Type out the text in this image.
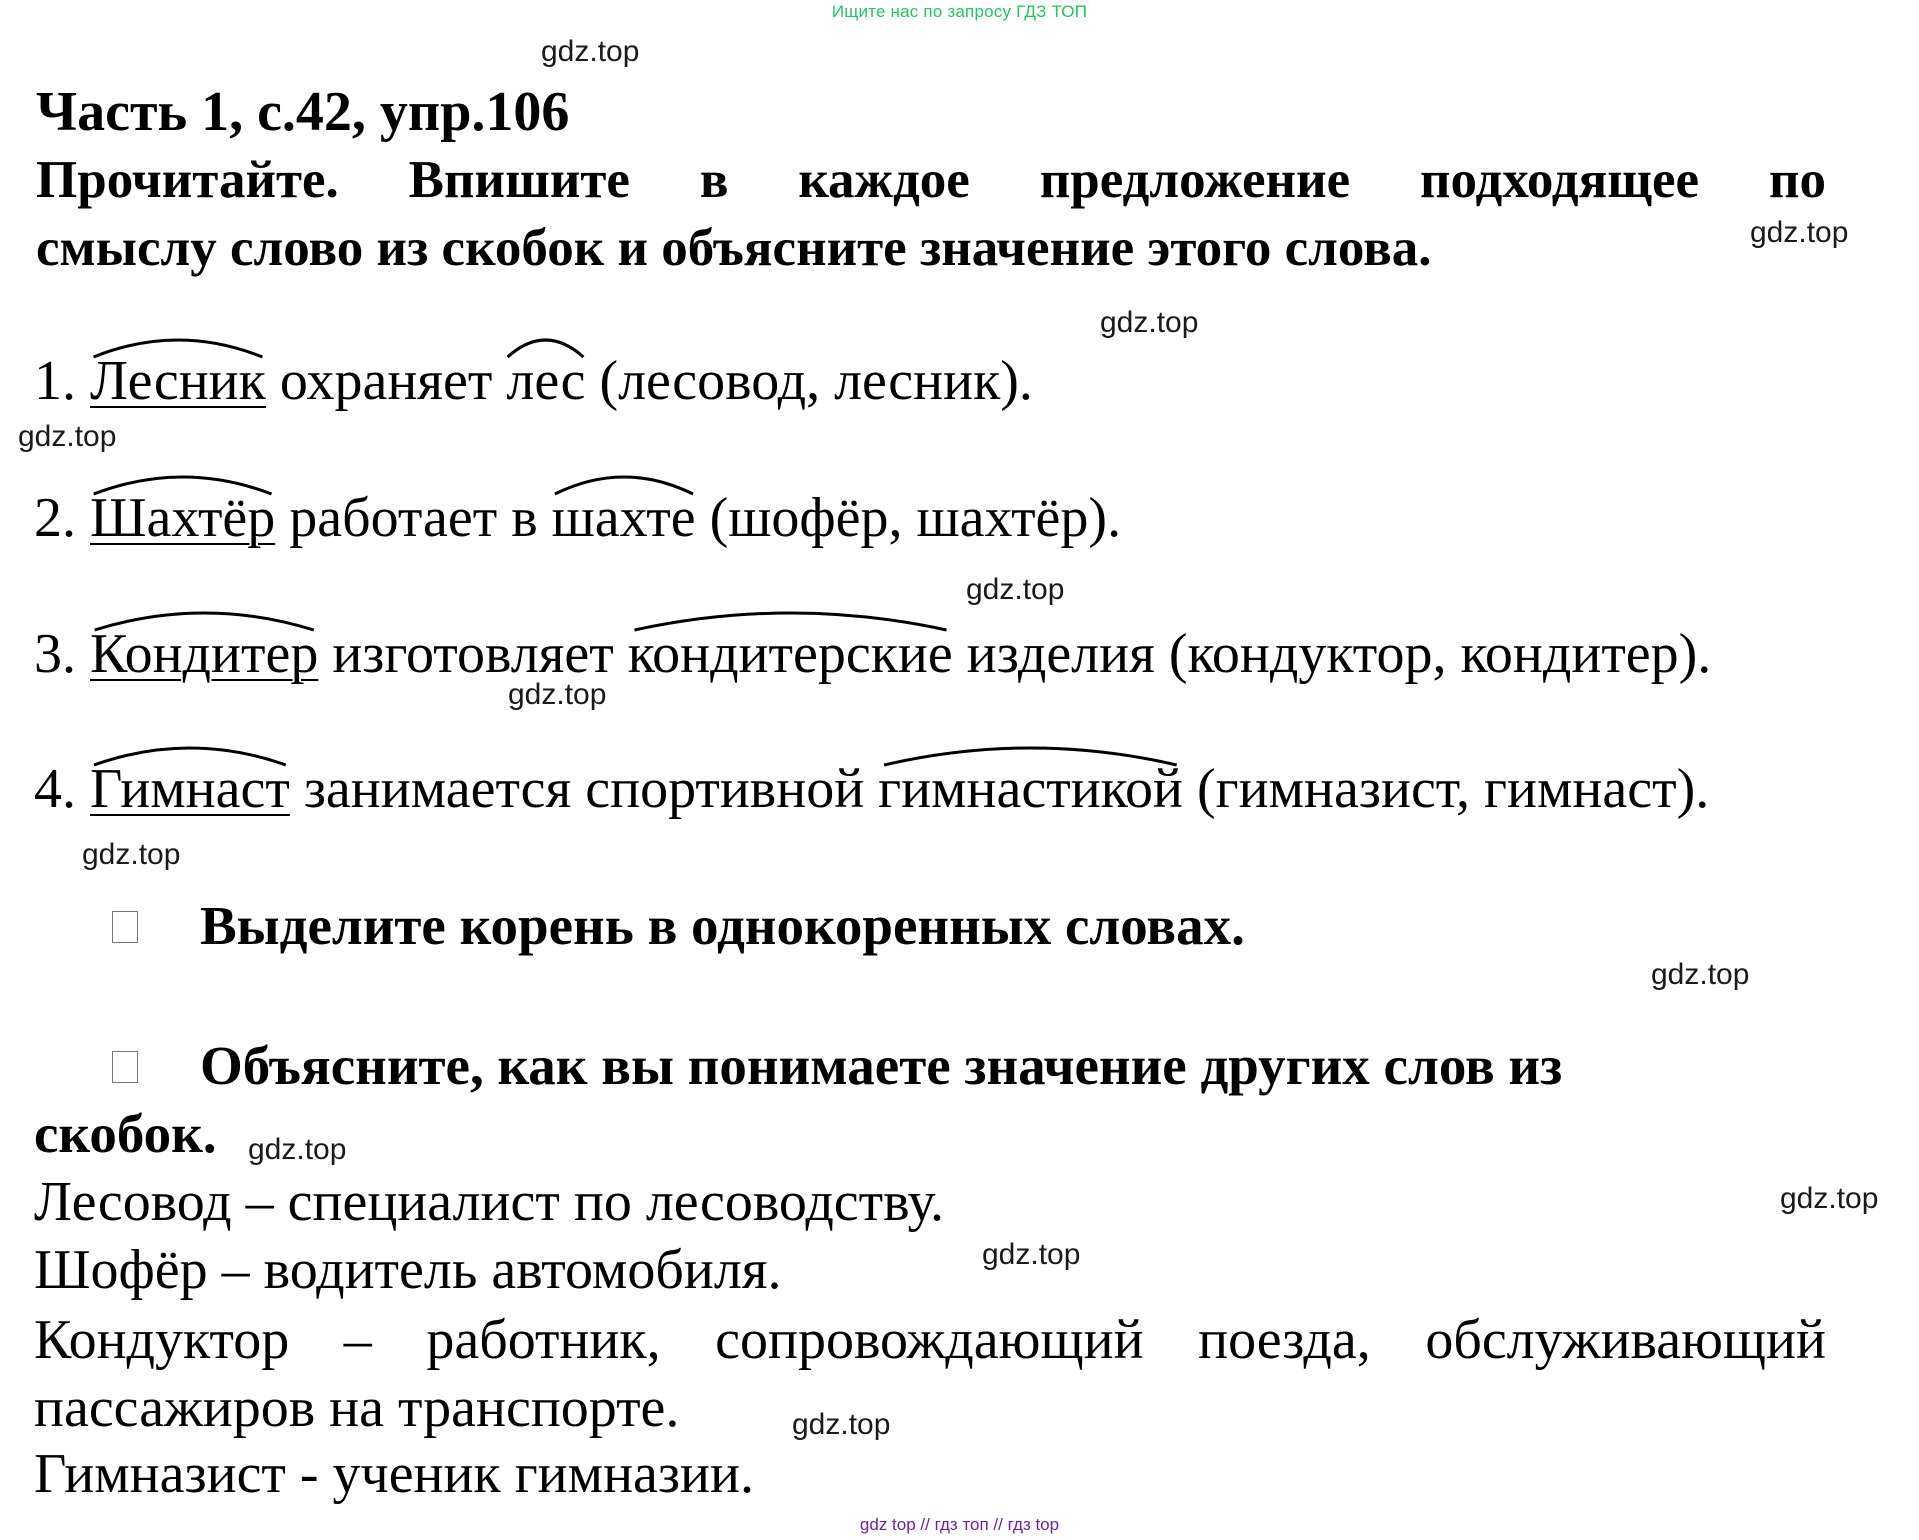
Ищите нас по запросу ГДЗ ТОП
gdz.top
gdz.top
gdz.top
gdz.top
gdz.top
gdz.top
gdz.top
gdz.top
gdz.top
gdz.top
gdz.top
gdz.top
Часть 1, с.42, упр.106
Прочитайте. Впишите в каждое предложение подходящее по
смыслу слово из скобок и объясните значение этого слова.
1. Лесник охраняет
лес (лесовод, лесник).
2. Шахтёр работает в
шахте (шофёр, шахтёр).
3. Кондитер изготовляет
кондитерские изделия (кондуктор, кондитер).
4. Гимнаст занимается спортивной
гимнастикой (гимназист, гимнаст).
Выделите корень в однокоренных словах.
Объясните, как вы понимаете значение других слов из
скобок.
Лесовод – специалист по лесоводству.
Шофёр – водитель автомобиля.
Кондуктор – работник, сопровождающий поезда, обслуживающий
пассажиров на транспорте.
Гимназист - ученик гимназии.
gdz top // гдз топ // гдз top
